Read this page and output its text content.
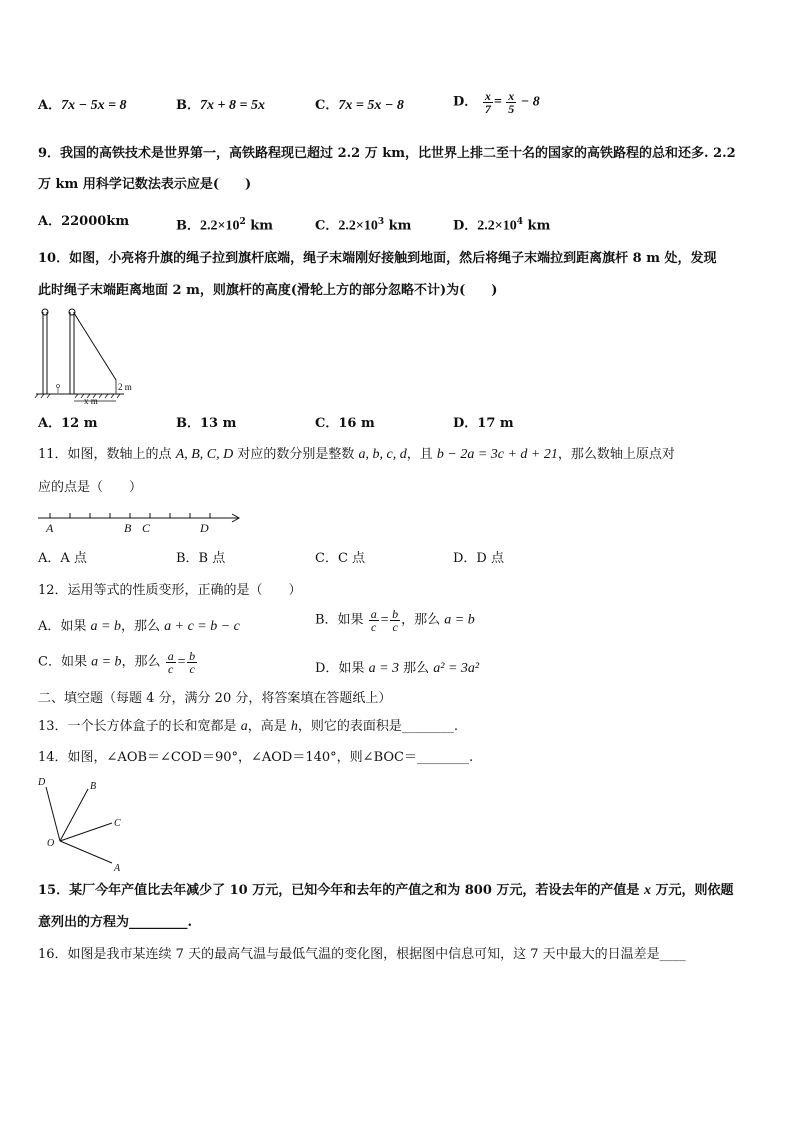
A．7x − 5x = 8	B．7x + 8 = 5x	C．7x = 5x − 8	D． $\frac{x}{7} = \frac{x}{5} - 8$
9．我国的高铁技术是世界第一，高铁路程现已超过 2.2 万 km，比世界上排二至十名的国家的高铁路程的总和还多. 2.2
万 km 用科学记数法表示应是(　　)
A．22000km	B．$2.2\times 10^2$ km	C．$2.2\times 10^3$ km	D．$2.2\times 10^4$ km
10．如图，小亮将升旗的绳子拉到旗杆底端，绳子末端刚好接触到地面，然后将绳子末端拉到距离旗杆 8 m 处，发现
此时绳子末端距离地面 2 m，则旗杆的高度(滑轮上方的部分忽略不计)为(　　)
2 m
x m
A．12 m	B．13 m	C．16 m	D．17 m
11．如图，数轴上的点 A, B, C, D 对应的数分别是整数 a, b, c, d，且 b − 2a = 3c + d + 21，那么数轴上原点对
应的点是（　　）
A	B C	D
A．A 点	B．B 点	C．C 点	D．D 点
12．运用等式的性质变形，正确的是（　　）
A．如果 a = b，那么 a + c = b − c	B．如果 $\frac{a}{c} = \frac{b}{c}$ ，那么 a = b
C．如果 a = b，那么 $\frac{a}{c} = \frac{b}{c}$	D．如果 a = 3 那么 a² = 3a²
二、填空题（每题 4 分，满分 20 分，将答案填在答题纸上）
13．一个长方体盒子的长和宽都是 a，高是 h，则它的表面积是________.
14．如图，∠AOB＝∠COD＝90°，∠AOD＝140°，则∠BOC＝________.
D	B
C
O
A
15．某厂今年产值比去年减少了 10 万元，已知今年和去年的产值之和为 800 万元，若设去年的产值是 x 万元，则依题
意列出的方程为_________.
16．如图是我市某连续 7 天的最高气温与最低气温的变化图，根据图中信息可知，这 7 天中最大的日温差是____
